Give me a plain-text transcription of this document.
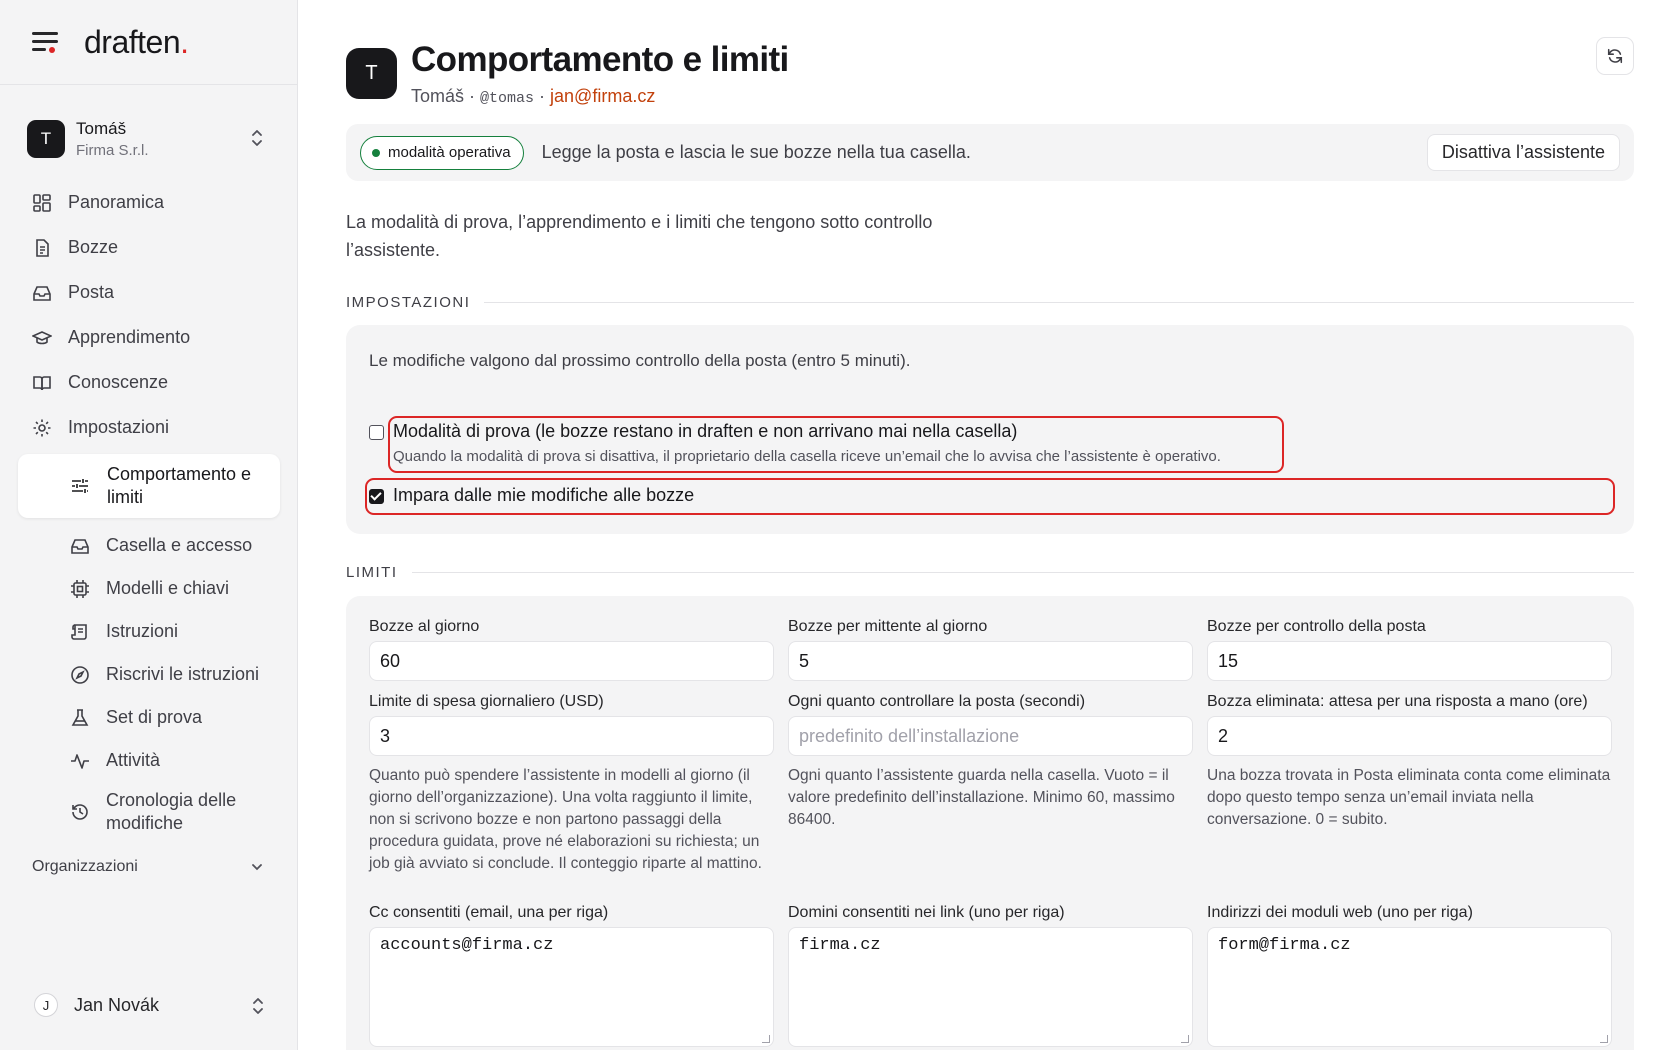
draften.
T
Tomáš
Firma S.r.l.
Panoramica
Bozze
Posta
Apprendimento
Conoscenze
Impostazioni
Comportamento e limiti
Casella e accesso
Modelli e chiavi
Istruzioni
Riscrivi le istruzioni
Set di prova
Attività
Cronologia delle modifiche
Organizzazioni
J	Jan Novák
T Comportamento e limiti
Tomáš · @tomas · jan@firma.cz
modalità operativa Legge la posta e lascia le sue bozze nella tua casella.	Disattiva l’assistente

La modalità di prova, l’apprendimento e i limiti che tengono sotto controllo l’assistente.

IMPOSTAZIONI

Le modifiche valgono dal prossimo controllo della posta (entro 5 minuti).

Modalità di prova (le bozze restano in draften e non arrivano mai nella casella)
Quando la modalità di prova si disattiva, il proprietario della casella riceve un’email che lo avvisa che l’assistente è operativo.
Impara dalle mie modifiche alle bozze
LIMITI
Bozze al giorno
60
Bozze per mittente al giorno
5
Bozze per controllo della posta
15
Limite di spesa giornaliero (USD)
3

Quanto può spendere l’assistente in modelli al giorno (il giorno dell’organizzazione). Una volta raggiunto il limite, non si scrivono bozze e non partono passaggi della procedura guidata, prove né elaborazioni su richiesta; un job già avviato si conclude. Il conteggio riparte al mattino.

Ogni quanto controllare la posta (secondi)
predefinito dell’installazione

Ogni quanto l’assistente guarda nella casella. Vuoto = il valore predefinito dell’installazione. Minimo 60, massimo 86400.

Bozza eliminata: attesa per una risposta a mano (ore)
2

Una bozza trovata in Posta eliminata conta come eliminata dopo questo tempo senza un’email inviata nella conversazione. 0 = subito.

Cc consentiti (email, una per riga)
accounts@firma.cz
Domini consentiti nei link (uno per riga)
firma.cz
Indirizzi dei moduli web (uno per riga)
form@firma.cz
